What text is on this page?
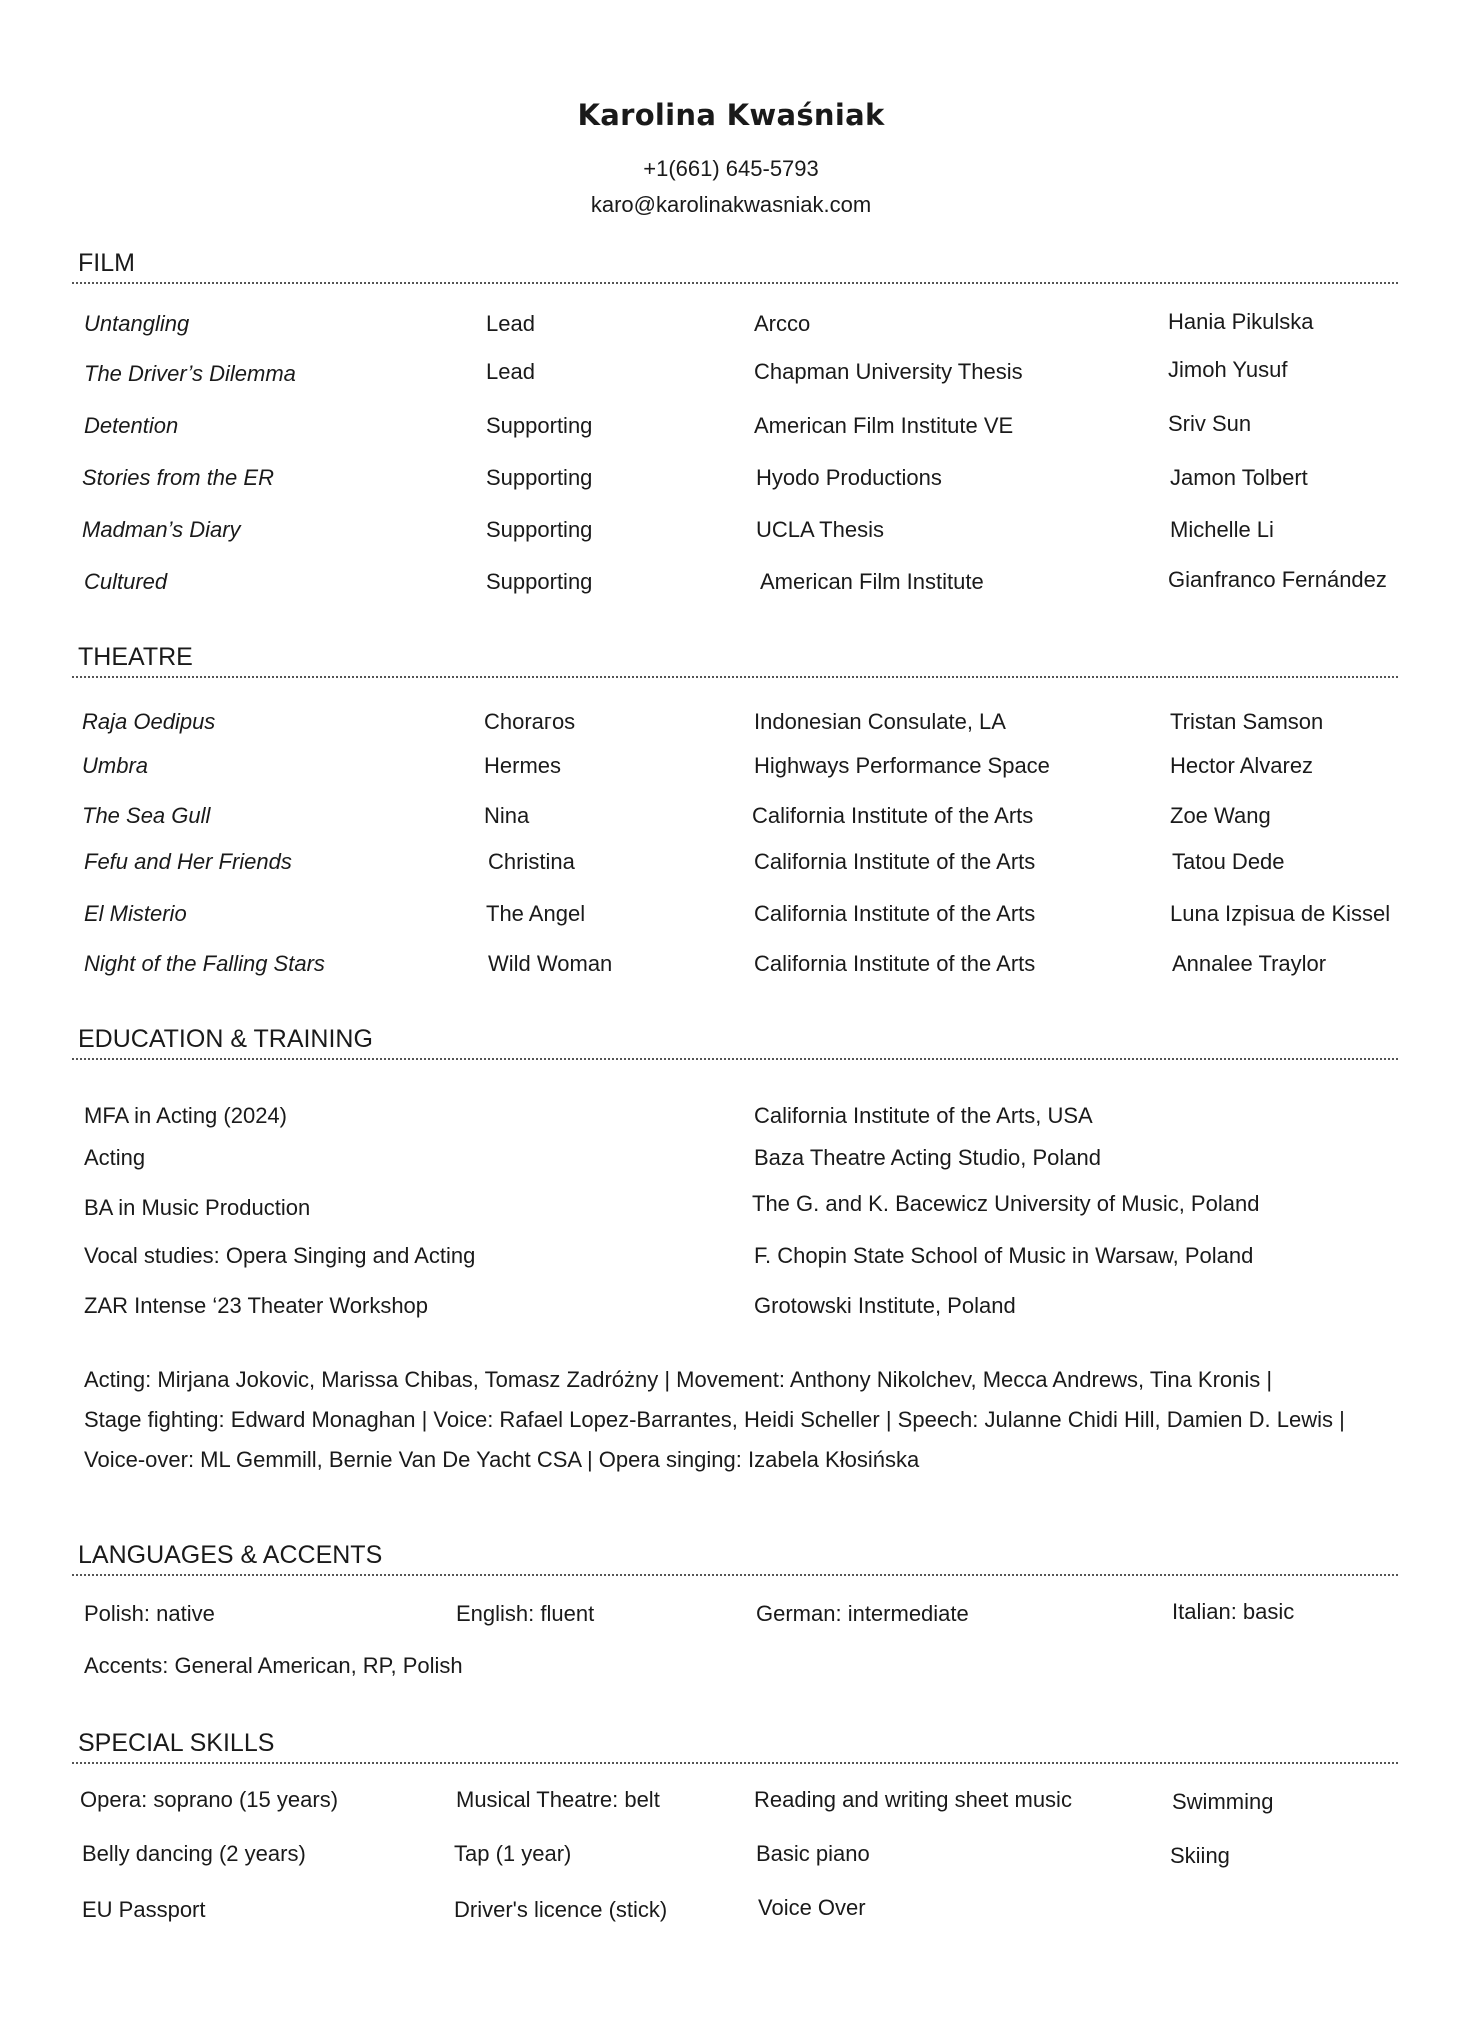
Karolina Kwaśniak
+1(661) 645-5793
karo@karolinakwasniak.com
FILM
Untangling	Lead	Arcco	Hania Pikulska
The Driver’s Dilemma	Lead	Chapman University Thesis	Jimoh Yusuf
Detention	Supporting	American Film Institute VE	Sriv Sun
Stories from the ER	Supporting	Hyodo Productions	Jamon Tolbert
Madman’s Diary	Supporting	UCLA Thesis	Michelle Li
Cultured	Supporting	American Film Institute	Gianfranco Fernández
THEATRE
Raja Oedipus	Chorагos	Indonesian Consulate, LA	Tristan Samson
Umbra	Hermes	Highways Performance Space	Hector Alvarez
The Sea Gull	Nina	California Institute of the Arts	Zoe Wang
Fefu and Her Friends	Christina	California Institute of the Arts	Tatou Dede
El Misterio	The Angel	California Institute of the Arts	Luna Izpisua de Kissel
Night of the Falling Stars	Wild Woman	California Institute of the Arts	Annalee Traylor
EDUCATION & TRAINING
MFA in Acting (2024)	California Institute of the Arts, USA
Acting	Baza Theatre Acting Studio, Poland
BA in Music Production	The G. and K. Bacewicz University of Music, Poland
Vocal studies: Opera Singing and Acting	F. Chopin State School of Music in Warsaw, Poland
ZAR Intense ‘23 Theater Workshop	Grotowski Institute, Poland
Acting: Mirjana Jokovic, Marissa Chibas, Tomasz Zadróżny | Movement: Anthony Nikolchev, Mecca Andrews, Tina Kronis |
Stage fighting: Edward Monaghan | Voice: Rafael Lopez-Barrantes, Heidi Scheller | Speech: Julanne Chidi Hill, Damien D. Lewis |
Voice-over: ML Gemmill, Bernie Van De Yacht CSA | Opera singing: Izabela Kłosińska
LANGUAGES & ACCENTS
Polish: native	English: fluent	German: intermediate	Italian: basic
Accents: General American, RP, Polish
SPECIAL SKILLS
Opera: soprano (15 years)	Musical Theatre: belt	Reading and writing sheet music	Swimming
Belly dancing (2 years)	Tap (1 year)	Basic piano	Skiing
EU Passport	Driver's licence (stick)	Voice Over
